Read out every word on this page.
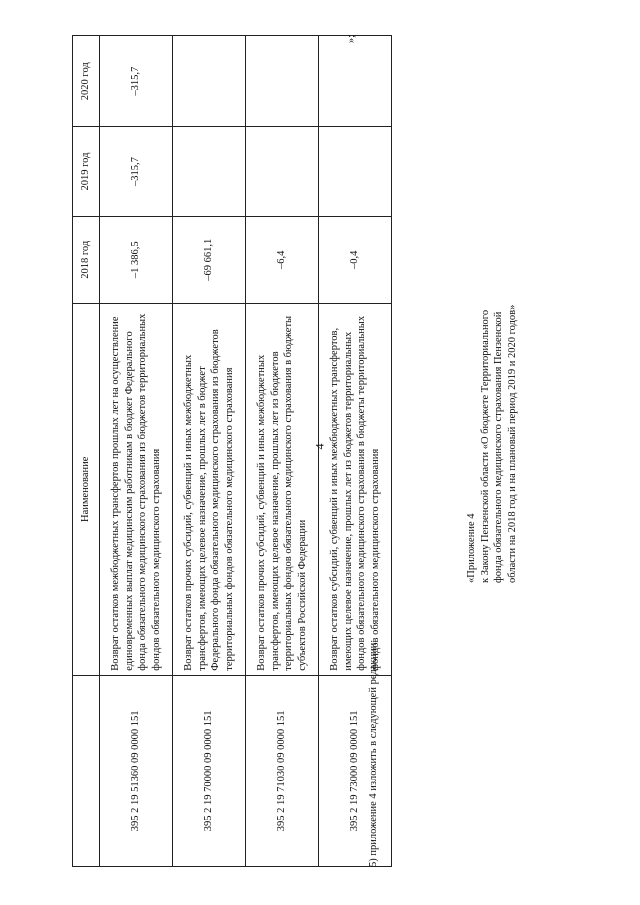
4
	Наименование	2018 год	2019 год	2020 год
395 2 19 51360 09 0000 151	Возврат остатков межбюджетных трансфертов прошлых лет на осуществление единовременных выплат медицинским работникам в бюджет Федерального фонда обязательного медицинского страхования из бюджетов территориальных фондов обязательного медицинского страхования	–1 386,5	–315,7	–315,7
395 2 19 70000 09 0000 151	Возврат остатков прочих субсидий, субвенций и иных межбюджетных трансфертов, имеющих целевое назначение, прошлых лет в бюджет Федерального фонда обязательного медицинского страхования из бюджетов территориальных фондов обязательного медицинского страхования	–69 661,1		
395 2 19 71030 09 0000 151	Возврат остатков прочих субсидий, субвенций и иных межбюджетных трансфертов, имеющих целевое назначение, прошлых лет из бюджетов территориальных фондов обязательного медицинского страхования в бюджеты субъектов Российской Федерации	–6,4		
395 2 19 73000 09 0000 151	Возврат остатков субсидий, субвенций и иных межбюджетных трансфертов, имеющих целевое назначение, прошлых лет из бюджетов территориальных фондов обязательного медицинского страхования в бюджеты территориальных фондов обязательного медицинского страхования	–0,4		
»;
5) приложение 4 изложить в следующей редакции:
«Приложение 4 к Закону Пензенской области «О бюджете Территориального фонда обязательного медицинского страхования Пензенской области на 2018 год и на плановый период 2019 и 2020 годов»
